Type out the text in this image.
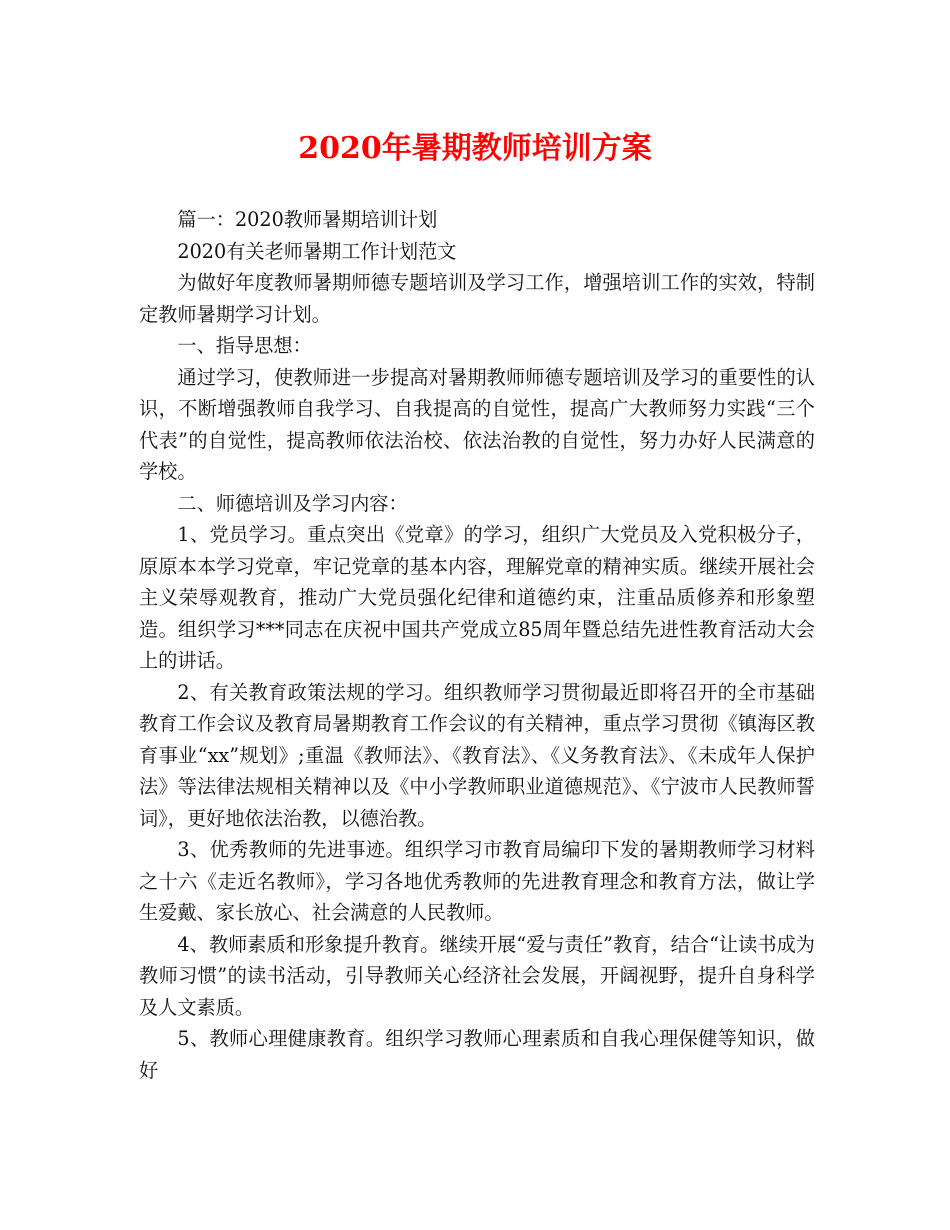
2020年暑期教师培训方案

篇一：2020教师暑期培训计划

2020有关老师暑期工作计划范文

为做好年度教师暑期师德专题培训及学习工作，增强培训工作的实效，特制定教师暑期学习计划。

一、指导思想：

通过学习，使教师进一步提高对暑期教师师德专题培训及学习的重要性的认识，不断增强教师自我学习、自我提高的自觉性，提高广大教师努力实践“三个代表”的自觉性，提高教师依法治校、依法治教的自觉性，努力办好人民满意的学校。

二、师德培训及学习内容：

1、党员学习。重点突出《党章》的学习，组织广大党员及入党积极分子，原原本本学习党章，牢记党章的基本内容，理解党章的精神实质。继续开展社会主义荣辱观教育，推动广大党员强化纪律和道德约束，注重品质修养和形象塑造。组织学习***同志在庆祝中国共产党成立85周年暨总结先进性教育活动大会上的讲话。

2、有关教育政策法规的学习。组织教师学习贯彻最近即将召开的全市基础教育工作会议及教育局暑期教育工作会议的有关精神，重点学习贯彻《镇海区教育事业“xx”规划》;重温《教师法》、《教育法》、《义务教育法》、《未成年人保护法》等法律法规相关精神以及《中小学教师职业道德规范》、《宁波市人民教师誓词》，更好地依法治教，以德治教。

3、优秀教师的先进事迹。组织学习市教育局编印下发的暑期教师学习材料之十六《走近名教师》，学习各地优秀教师的先进教育理念和教育方法，做让学生爱戴、家长放心、社会满意的人民教师。

4、教师素质和形象提升教育。继续开展“爱与责任”教育，结合“让读书成为教师习惯”的读书活动，引导教师关心经济社会发展，开阔视野，提升自身科学及人文素质。

5、教师心理健康教育。组织学习教师心理素质和自我心理保健等知识，做好
